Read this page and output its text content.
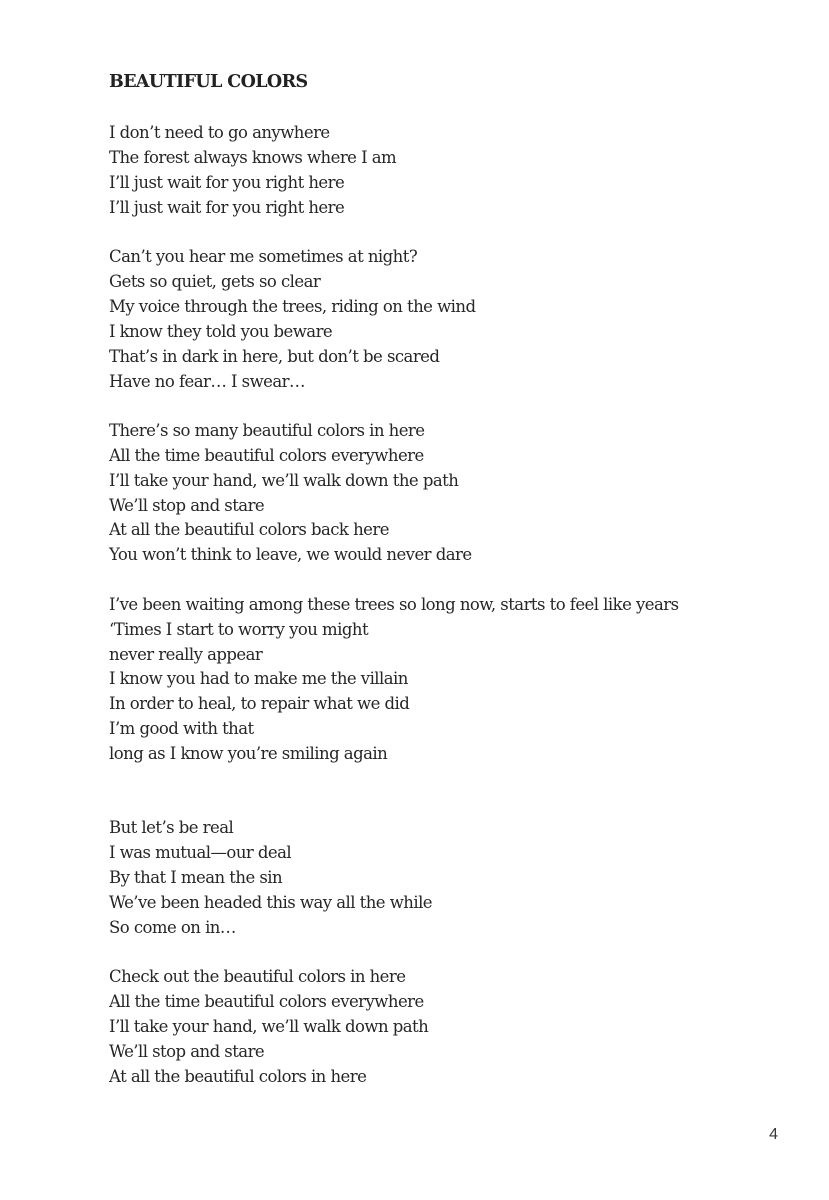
BEAUTIFUL COLORS
I don’t need to go anywhere
The forest always knows where I am
I’ll just wait for you right here
I’ll just wait for you right here
Can’t you hear me sometimes at night?
Gets so quiet, gets so clear
My voice through the trees, riding on the wind
I know they told you beware
That’s in dark in here, but don’t be scared
Have no fear… I swear…
There’s so many beautiful colors in here
All the time beautiful colors everywhere
I’ll take your hand, we’ll walk down the path
We’ll stop and stare
At all the beautiful colors back here
You won’t think to leave, we would never dare
I’ve been waiting among these trees so long now, starts to feel like years
‘Times I start to worry you might
never really appear
I know you had to make me the villain
In order to heal, to repair what we did
I’m good with that
long as I know you’re smiling again
But let’s be real
I was mutual—our deal
By that I mean the sin
We’ve been headed this way all the while
So come on in…
Check out the beautiful colors in here
All the time beautiful colors everywhere
I’ll take your hand, we’ll walk down path
We’ll stop and stare
At all the beautiful colors in here
4
